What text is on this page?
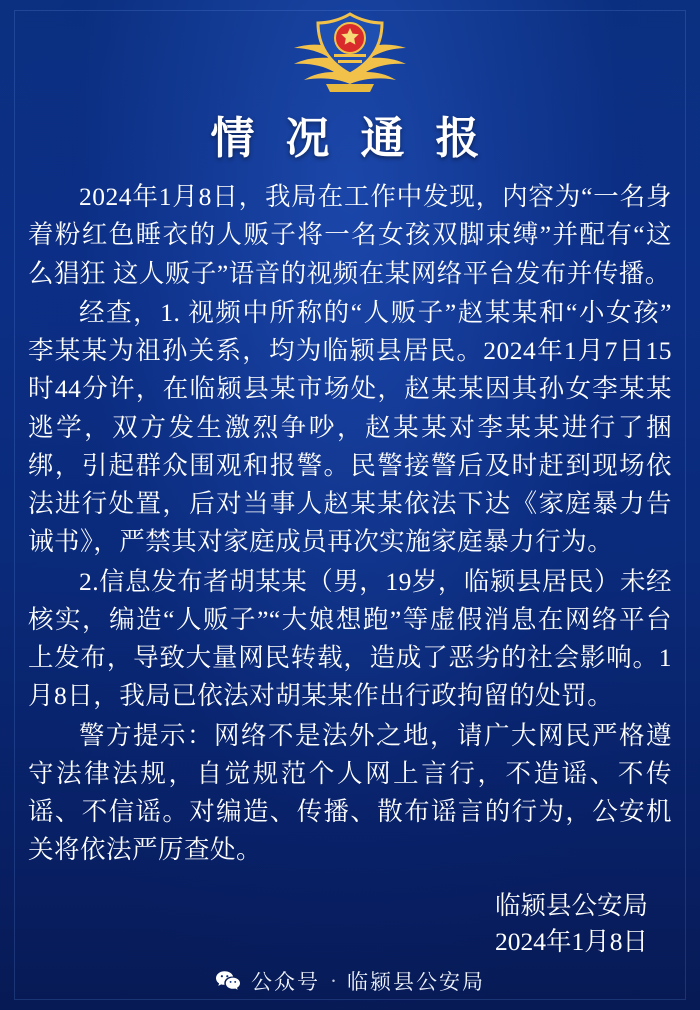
情 况 通 报

2024年1月8日，我局在工作中发现，内容为“一名身着粉红色睡衣的人贩子将一名女孩双脚束缚”并配有“这么猖狂 这人贩子”语音的视频在某网络平台发布并传播。

经查，1. 视频中所称的“人贩子”赵某某和“小女孩”李某某为祖孙关系，均为临颍县居民。2024年1月7日15时44分许，在临颍县某市场处，赵某某因其孙女李某某逃学，双方发生激烈争吵，赵某某对李某某进行了捆绑，引起群众围观和报警。民警接警后及时赶到现场依法进行处置，后对当事人赵某某依法下达《家庭暴力告诫书》，严禁其对家庭成员再次实施家庭暴力行为。

2.信息发布者胡某某（男，19岁，临颍县居民）未经核实，编造“人贩子”“大娘想跑”等虚假消息在网络平台上发布，导致大量网民转载，造成了恶劣的社会影响。1月8日，我局已依法对胡某某作出行政拘留的处罚。

警方提示：网络不是法外之地，请广大网民严格遵守法律法规，自觉规范个人网上言行，不造谣、不传谣、不信谣。对编造、传播、散布谣言的行为，公安机关将依法严厉查处。

临颍县公安局
2024年1月8日
公众号 · 临颍县公安局
